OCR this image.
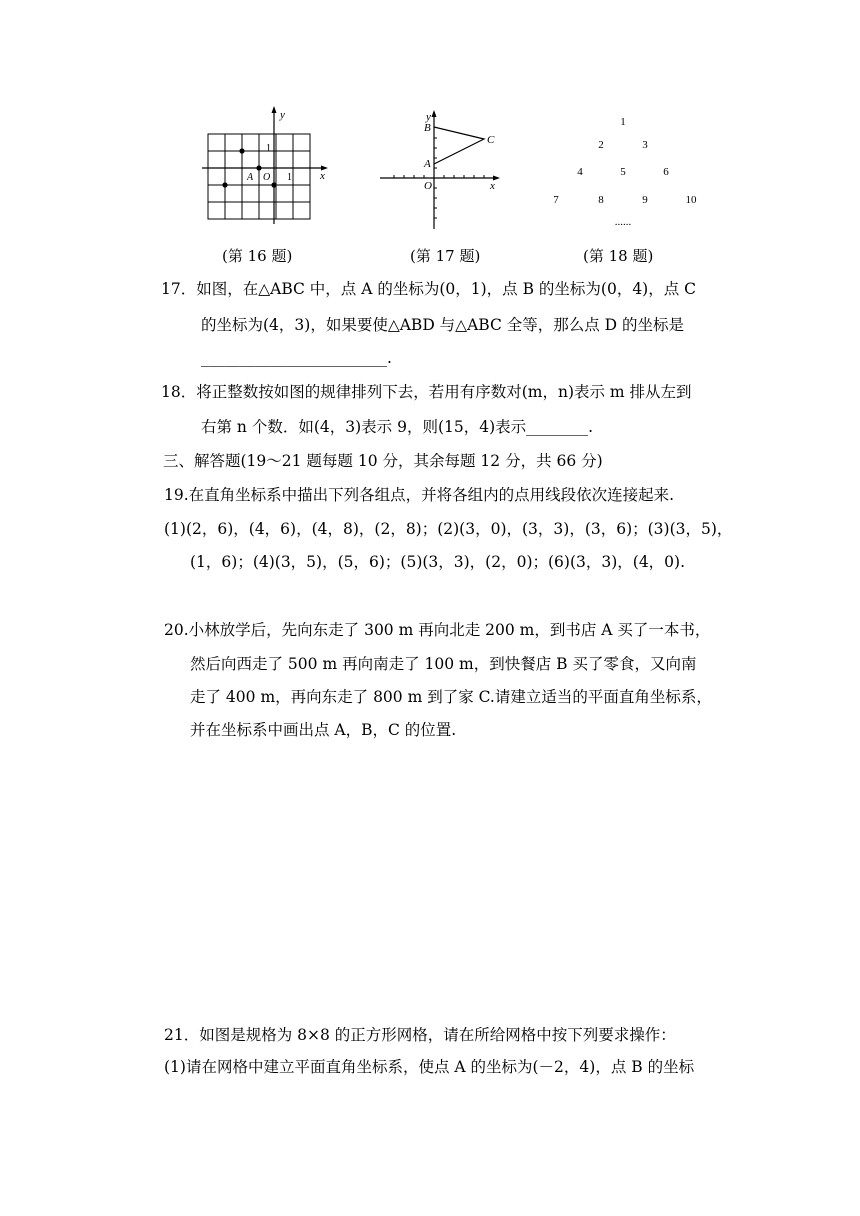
y
1
A O 1	x
(第 16 题)
y
B
C
A
O	x
(第 17 题)
1
2	3
4	5	6
7	8	9	10
......
(第 18 题)
17．如图，在△ABC 中，点 A 的坐标为(0，1)，点 B 的坐标为(0，4)，点 C
的坐标为(4，3)，如果要使△ABD 与△ABC 全等，那么点 D 的坐标是
________________________.
18．将正整数按如图的规律排列下去，若用有序数对(m，n)表示 m 排从左到
右第 n 个数．如(4，3)表示 9，则(15，4)表示________.
三、解答题(19～21 题每题 10 分，其余每题 12 分，共 66 分)
19.在直角坐标系中描出下列各组点，并将各组内的点用线段依次连接起来.
(1)(2，6)，(4，6)，(4，8)，(2，8)；(2)(3，0)，(3，3)，(3，6)；(3)(3，5)，
(1，6)；(4)(3，5)，(5，6)；(5)(3，3)，(2，0)；(6)(3，3)，(4，0).
20.小林放学后，先向东走了 300 m 再向北走 200 m，到书店 A 买了一本书，
然后向西走了 500 m 再向南走了 100 m，到快餐店 B 买了零食，又向南
走了 400 m，再向东走了 800 m 到了家 C.请建立适当的平面直角坐标系，
并在坐标系中画出点 A，B，C 的位置.
21．如图是规格为 8×8 的正方形网格，请在所给网格中按下列要求操作：
(1)请在网格中建立平面直角坐标系，使点 A 的坐标为(－2，4)，点 B 的坐标
